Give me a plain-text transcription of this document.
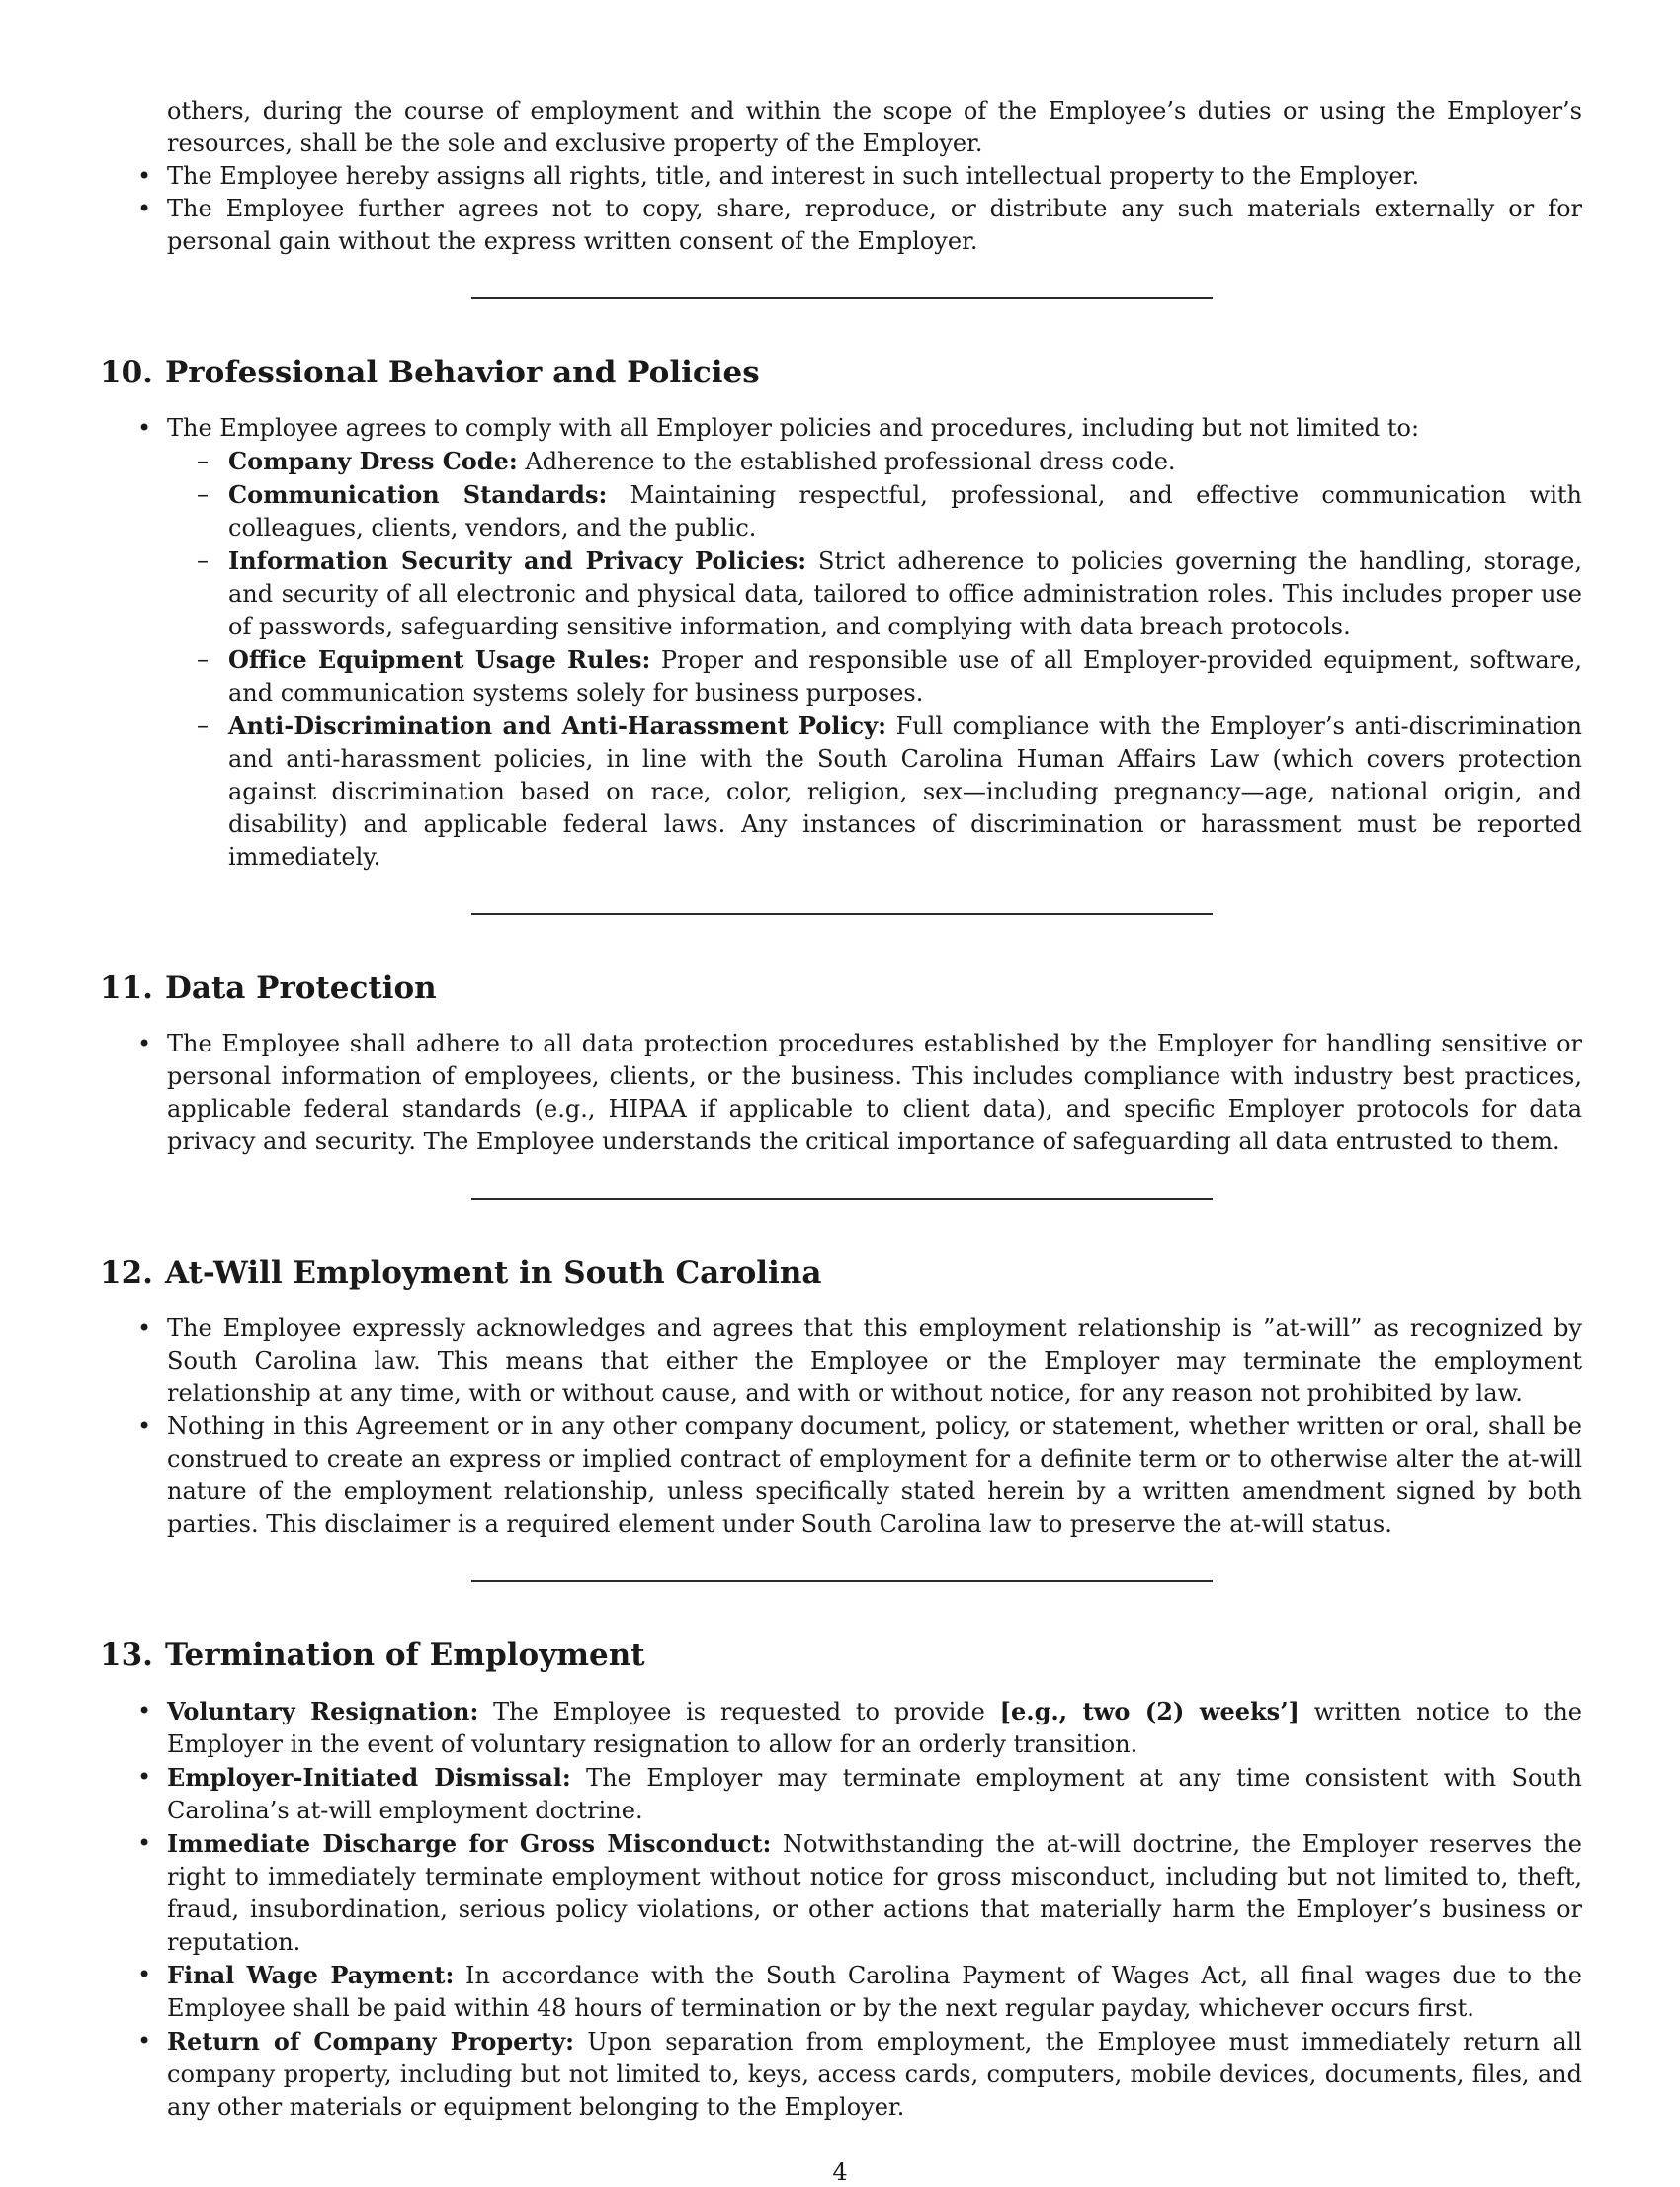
others, during the course of employment and within the scope of the Employee’s duties or using the Employer’s resources, shall be the sole and exclusive property of the Employer.
• The Employee hereby assigns all rights, title, and interest in such intellectual property to the Employer.
• The Employee further agrees not to copy, share, reproduce, or distribute any such materials externally or for personal gain without the express written consent of the Employer.
10. Professional Behavior and Policies
• The Employee agrees to comply with all Employer policies and procedures, including but not limited to:
– Company Dress Code: Adherence to the established professional dress code.
– Communication Standards: Maintaining respectful, professional, and effective communication with colleagues, clients, vendors, and the public.
– Information Security and Privacy Policies: Strict adherence to policies governing the handling, storage, and security of all electronic and physical data, tailored to office administration roles. This includes proper use of passwords, safeguarding sensitive information, and complying with data breach protocols.
– Office Equipment Usage Rules: Proper and responsible use of all Employer-provided equipment, software, and communication systems solely for business purposes.
– Anti-Discrimination and Anti-Harassment Policy: Full compliance with the Employer’s anti-discrimination and anti-harassment policies, in line with the South Carolina Human Affairs Law (which covers protection against discrimination based on race, color, religion, sex—including pregnancy—age, national origin, and disability) and applicable federal laws. Any instances of discrimination or harassment must be reported immediately.
11. Data Protection
• The Employee shall adhere to all data protection procedures established by the Employer for handling sensitive or personal information of employees, clients, or the business. This includes compliance with industry best practices, applicable federal standards (e.g., HIPAA if applicable to client data), and specific Employer protocols for data privacy and security. The Employee understands the critical importance of safeguarding all data entrusted to them.
12. At-Will Employment in South Carolina
• The Employee expressly acknowledges and agrees that this employment relationship is ”at-will” as recognized by South Carolina law. This means that either the Employee or the Employer may terminate the employment relationship at any time, with or without cause, and with or without notice, for any reason not prohibited by law.
• Nothing in this Agreement or in any other company document, policy, or statement, whether written or oral, shall be construed to create an express or implied contract of employment for a definite term or to otherwise alter the at-will nature of the employment relationship, unless specifically stated herein by a written amendment signed by both parties. This disclaimer is a required element under South Carolina law to preserve the at-will status.
13. Termination of Employment
• Voluntary Resignation: The Employee is requested to provide [e.g., two (2) weeks’] written notice to the Employer in the event of voluntary resignation to allow for an orderly transition.
• Employer-Initiated Dismissal: The Employer may terminate employment at any time consistent with South Carolina’s at-will employment doctrine.
• Immediate Discharge for Gross Misconduct: Notwithstanding the at-will doctrine, the Employer reserves the right to immediately terminate employment without notice for gross misconduct, including but not limited to, theft, fraud, insubordination, serious policy violations, or other actions that materially harm the Employer’s business or reputation.
• Final Wage Payment: In accordance with the South Carolina Payment of Wages Act, all final wages due to the Employee shall be paid within 48 hours of termination or by the next regular payday, whichever occurs first.
• Return of Company Property: Upon separation from employment, the Employee must immediately return all company property, including but not limited to, keys, access cards, computers, mobile devices, documents, files, and any other materials or equipment belonging to the Employer.
4
